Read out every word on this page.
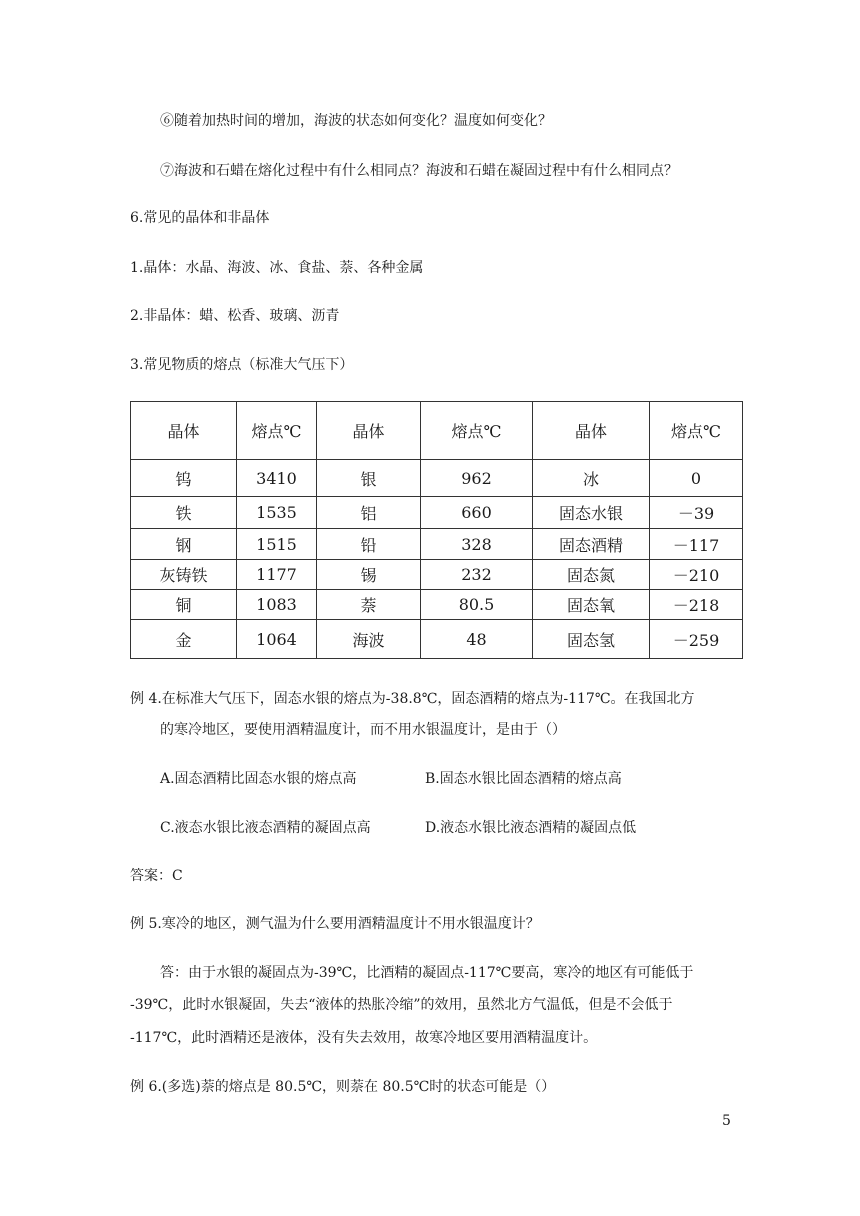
⑥随着加热时间的增加，海波的状态如何变化？温度如何变化？
⑦海波和石蜡在熔化过程中有什么相同点？海波和石蜡在凝固过程中有什么相同点？
6.常见的晶体和非晶体
1.晶体：水晶、海波、冰、食盐、萘、各种金属
2.非晶体：蜡、松香、玻璃、沥青
3.常见物质的熔点（标准大气压下）
晶体	熔点℃	晶体	熔点℃	晶体	熔点℃
钨	3410	银	962	冰	0
铁	1535	铝	660	固态水银	－39
钢	1515	铅	328	固态酒精	－117
灰铸铁	1177	锡	232	固态氮	－210
铜	1083	萘	80.5	固态氧	－218
金	1064	海波	48	固态氢	－259
例 4.在标准大气压下，固态水银的熔点为-38.8℃，固态酒精的熔点为-117℃。在我国北方
的寒冷地区，要使用酒精温度计，而不用水银温度计，是由于（）
A.固态酒精比固态水银的熔点高	B.固态水银比固态酒精的熔点高
C.液态水银比液态酒精的凝固点高	D.液态水银比液态酒精的凝固点低
答案：C
例 5.寒冷的地区，测气温为什么要用酒精温度计不用水银温度计？
答：由于水银的凝固点为-39℃，比酒精的凝固点-117℃要高，寒冷的地区有可能低于
-39℃，此时水银凝固，失去“液体的热胀冷缩”的效用，虽然北方气温低，但是不会低于
-117℃，此时酒精还是液体，没有失去效用，故寒冷地区要用酒精温度计。
例 6.(多选)萘的熔点是 80.5℃，则萘在 80.5℃时的状态可能是（）
5
